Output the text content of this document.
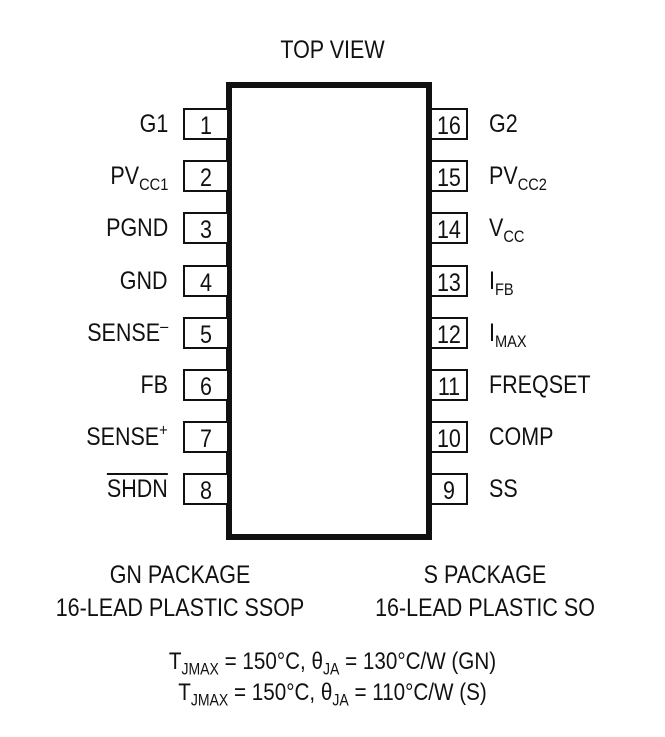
TOP VIEW
1
G1
2
$PV_{CC1}$
3
PGND
4
GND
5
SENSE–
6
FB
7
SENSE+
8
SHDN
16 G2
15 $PV_{CC2}$
14 $V_{CC}$
13 $I_{FB}$
12 $I_{MAX}$
11	FREQSET
10 COMP
9	SS
GN PACKAGE
16-LEAD PLASTIC SSOP
S PACKAGE
16-LEAD PLASTIC SO
$T_{JMAX} = 150^\circ C$, $\theta_{JA} = 130^\circ C/W$ (GN)
$T_{JMAX} = 150^\circ C$, $\theta_{JA} = 110^\circ C/W$ (S)
